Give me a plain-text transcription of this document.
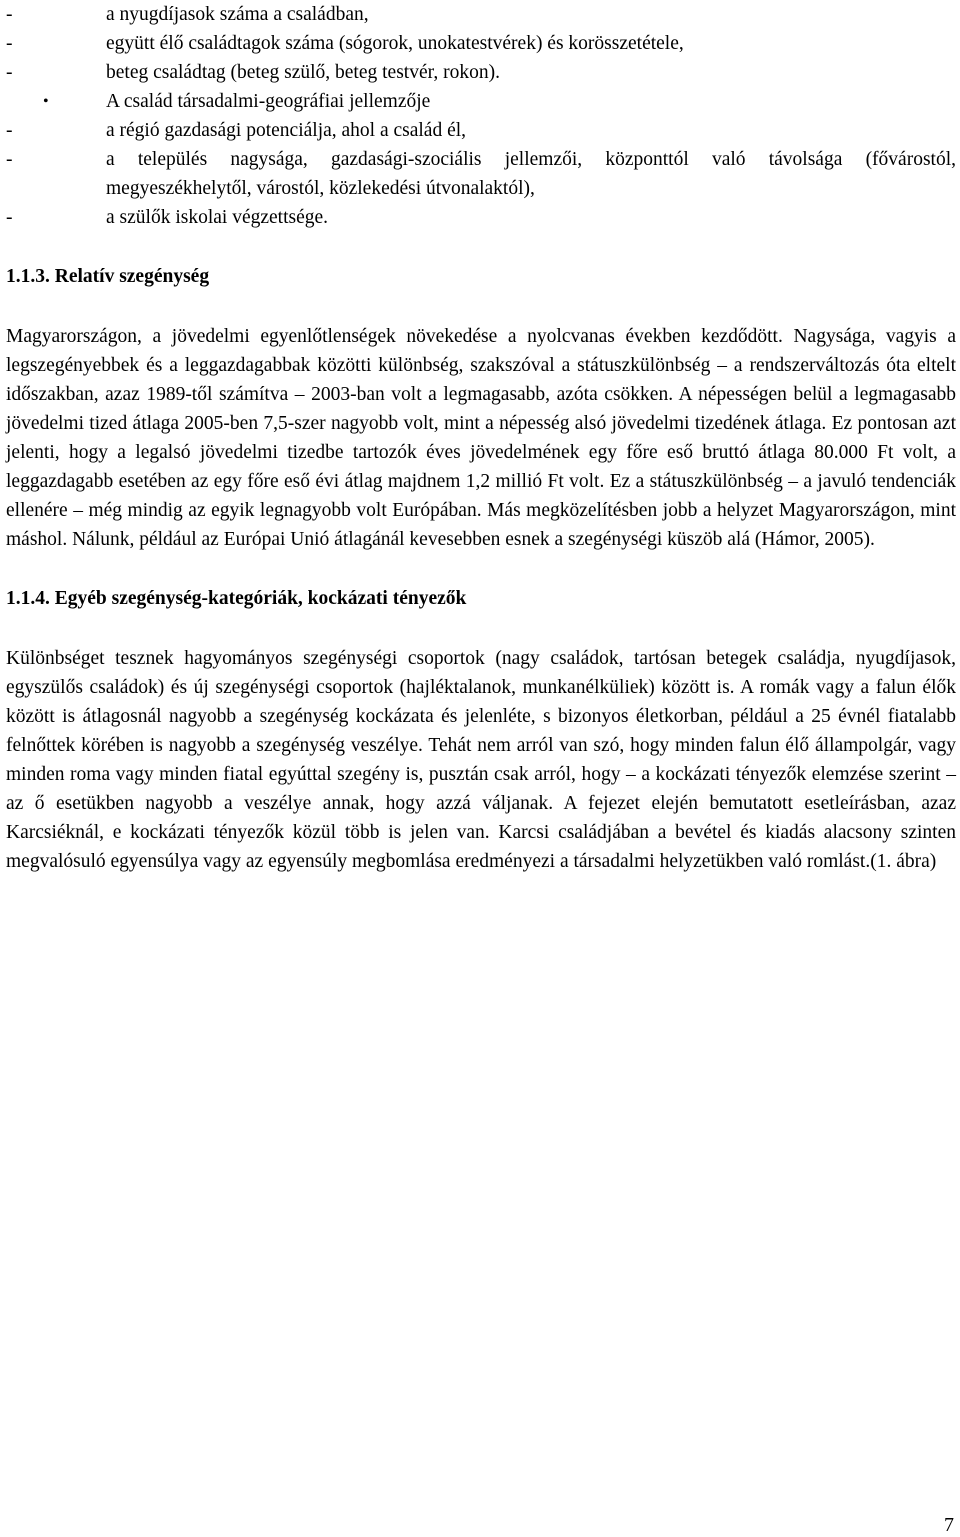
-	a nyugdíjasok száma a családban,
-	együtt élő családtagok száma (sógorok, unokatestvérek) és korösszetétele,
-	beteg családtag (beteg szülő, beteg testvér, rokon).
•	A család társadalmi-geográfiai jellemzője
-	a régió gazdasági potenciálja, ahol a család él,
-	a település nagysága, gazdasági-szociális jellemzői, központtól való távolsága (fővárostól, megyeszékhelytől, várostól, közlekedési útvonalaktól),
-	a szülők iskolai végzettsége.

1.1.3. Relatív szegénység

Magyarországon, a jövedelmi egyenlőtlenségek növekedése a nyolcvanas években kezdődött. Nagysága, vagyis a legszegényebbek és a leggazdagabbak közötti különbség, szakszóval a státuszkülönbség – a rendszerváltozás óta eltelt időszakban, azaz 1989-től számítva – 2003-ban volt a legmagasabb, azóta csökken. A népességen belül a legmagasabb jövedelmi tized átlaga 2005-ben 7,5-szer nagyobb volt, mint a népesség alsó jövedelmi tizedének átlaga. Ez pontosan azt jelenti, hogy a legalsó jövedelmi tizedbe tartozók éves jövedelmének egy főre eső bruttó átlaga 80.000 Ft volt, a leggazdagabb esetében az egy főre eső évi átlag majdnem 1,2 millió Ft volt. Ez a státuszkülönbség – a javuló tendenciák ellenére – még mindig az egyik legnagyobb volt Európában. Más megközelítésben jobb a helyzet Magyarországon, mint máshol. Nálunk, például az Európai Unió átlagánál kevesebben esnek a szegénységi küszöb alá (Hámor, 2005).

1.1.4. Egyéb szegénység-kategóriák, kockázati tényezők

Különbséget tesznek hagyományos szegénységi csoportok (nagy családok, tartósan betegek családja, nyugdíjasok, egyszülős családok) és új szegénységi csoportok (hajléktalanok, munkanélküliek) között is. A romák vagy a falun élők között is átlagosnál nagyobb a szegénység kockázata és jelenléte, s bizonyos életkorban, például a 25 évnél fiatalabb felnőttek körében is nagyobb a szegénység veszélye. Tehát nem arról van szó, hogy minden falun élő állampolgár, vagy minden roma vagy minden fiatal egyúttal szegény is, pusztán csak arról, hogy – a kockázati tényezők elemzése szerint – az ő esetükben nagyobb a veszélye annak, hogy azzá váljanak. A fejezet elején bemutatott esetleírásban, azaz Karcsiéknál, e kockázati tényezők közül több is jelen van. Karcsi családjában a bevétel és kiadás alacsony szinten megvalósuló egyensúlya vagy az egyensúly megbomlása eredményezi a társadalmi helyzetükben való romlást.(1. ábra)

7
